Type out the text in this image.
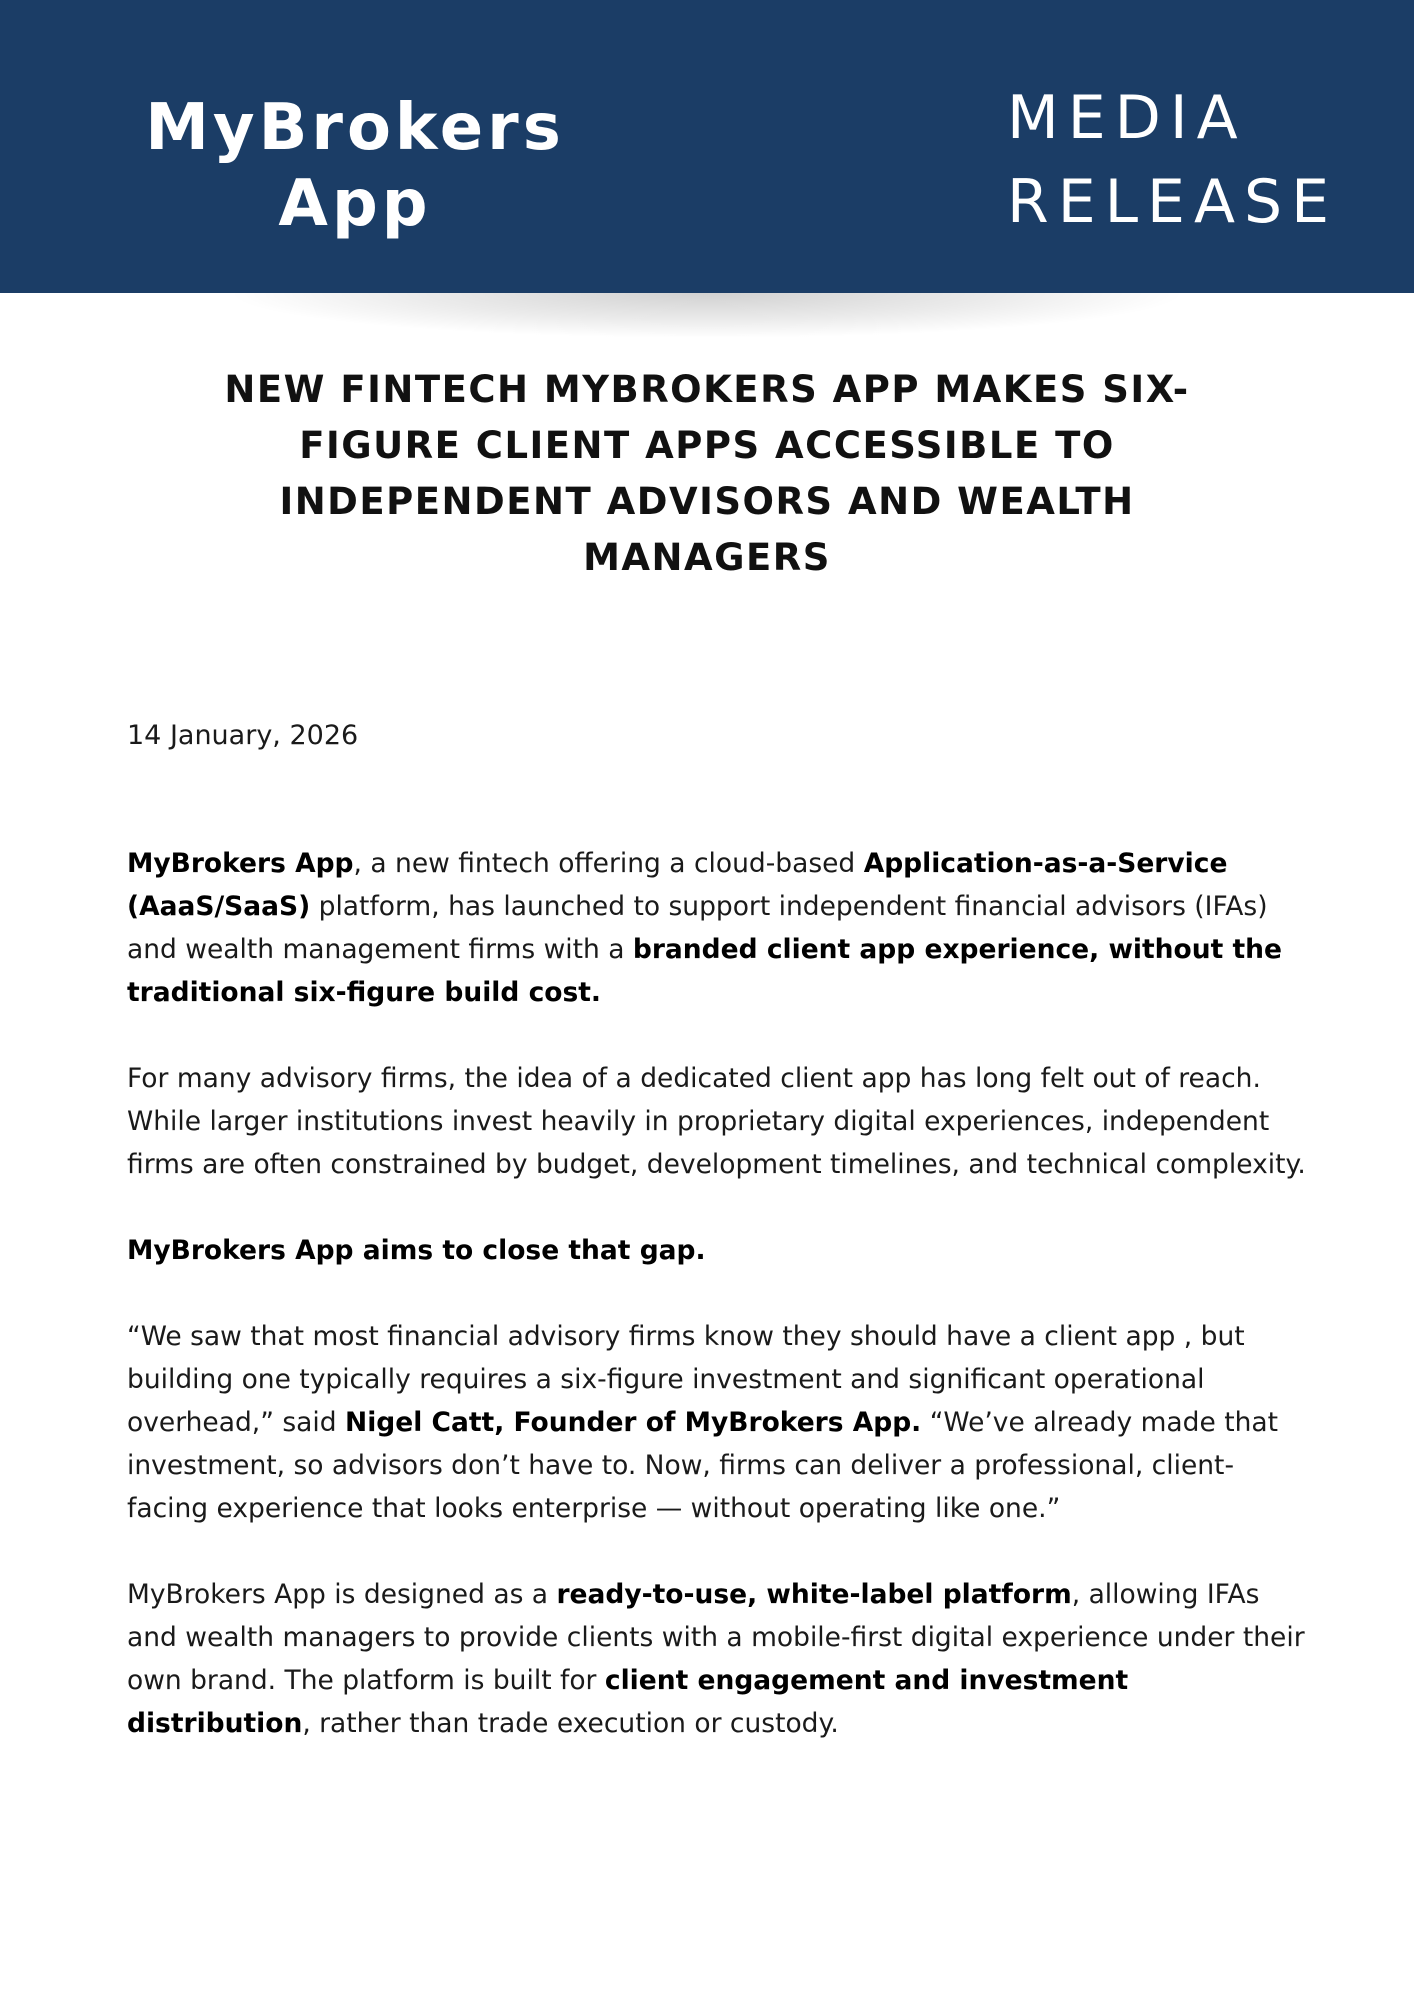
MyBrokers
App
MEDIA
RELEASE
NEW FINTECH MYBROKERS APP MAKES SIX-FIGURE CLIENT APPS ACCESSIBLE TO INDEPENDENT ADVISORS AND WEALTH MANAGERS
14 January, 2026

MyBrokers App, a new fintech offering a cloud-based Application-as-a-Service (AaaS/SaaS) platform, has launched to support independent financial advisors (IFAs) and wealth management firms with a branded client app experience, without the traditional six-figure build cost.

For many advisory firms, the idea of a dedicated client app has long felt out of reach. While larger institutions invest heavily in proprietary digital experiences, independent firms are often constrained by budget, development timelines, and technical complexity.

MyBrokers App aims to close that gap.

“We saw that most financial advisory firms know they should have a client app , but building one typically requires a six-figure investment and significant operational overhead,” said Nigel Catt, Founder of MyBrokers App. “We’ve already made that investment, so advisors don’t have to. Now, firms can deliver a professional, client-facing experience that looks enterprise — without operating like one.”

MyBrokers App is designed as a ready-to-use, white-label platform, allowing IFAs and wealth managers to provide clients with a mobile-first digital experience under their own brand. The platform is built for client engagement and investment distribution, rather than trade execution or custody.
